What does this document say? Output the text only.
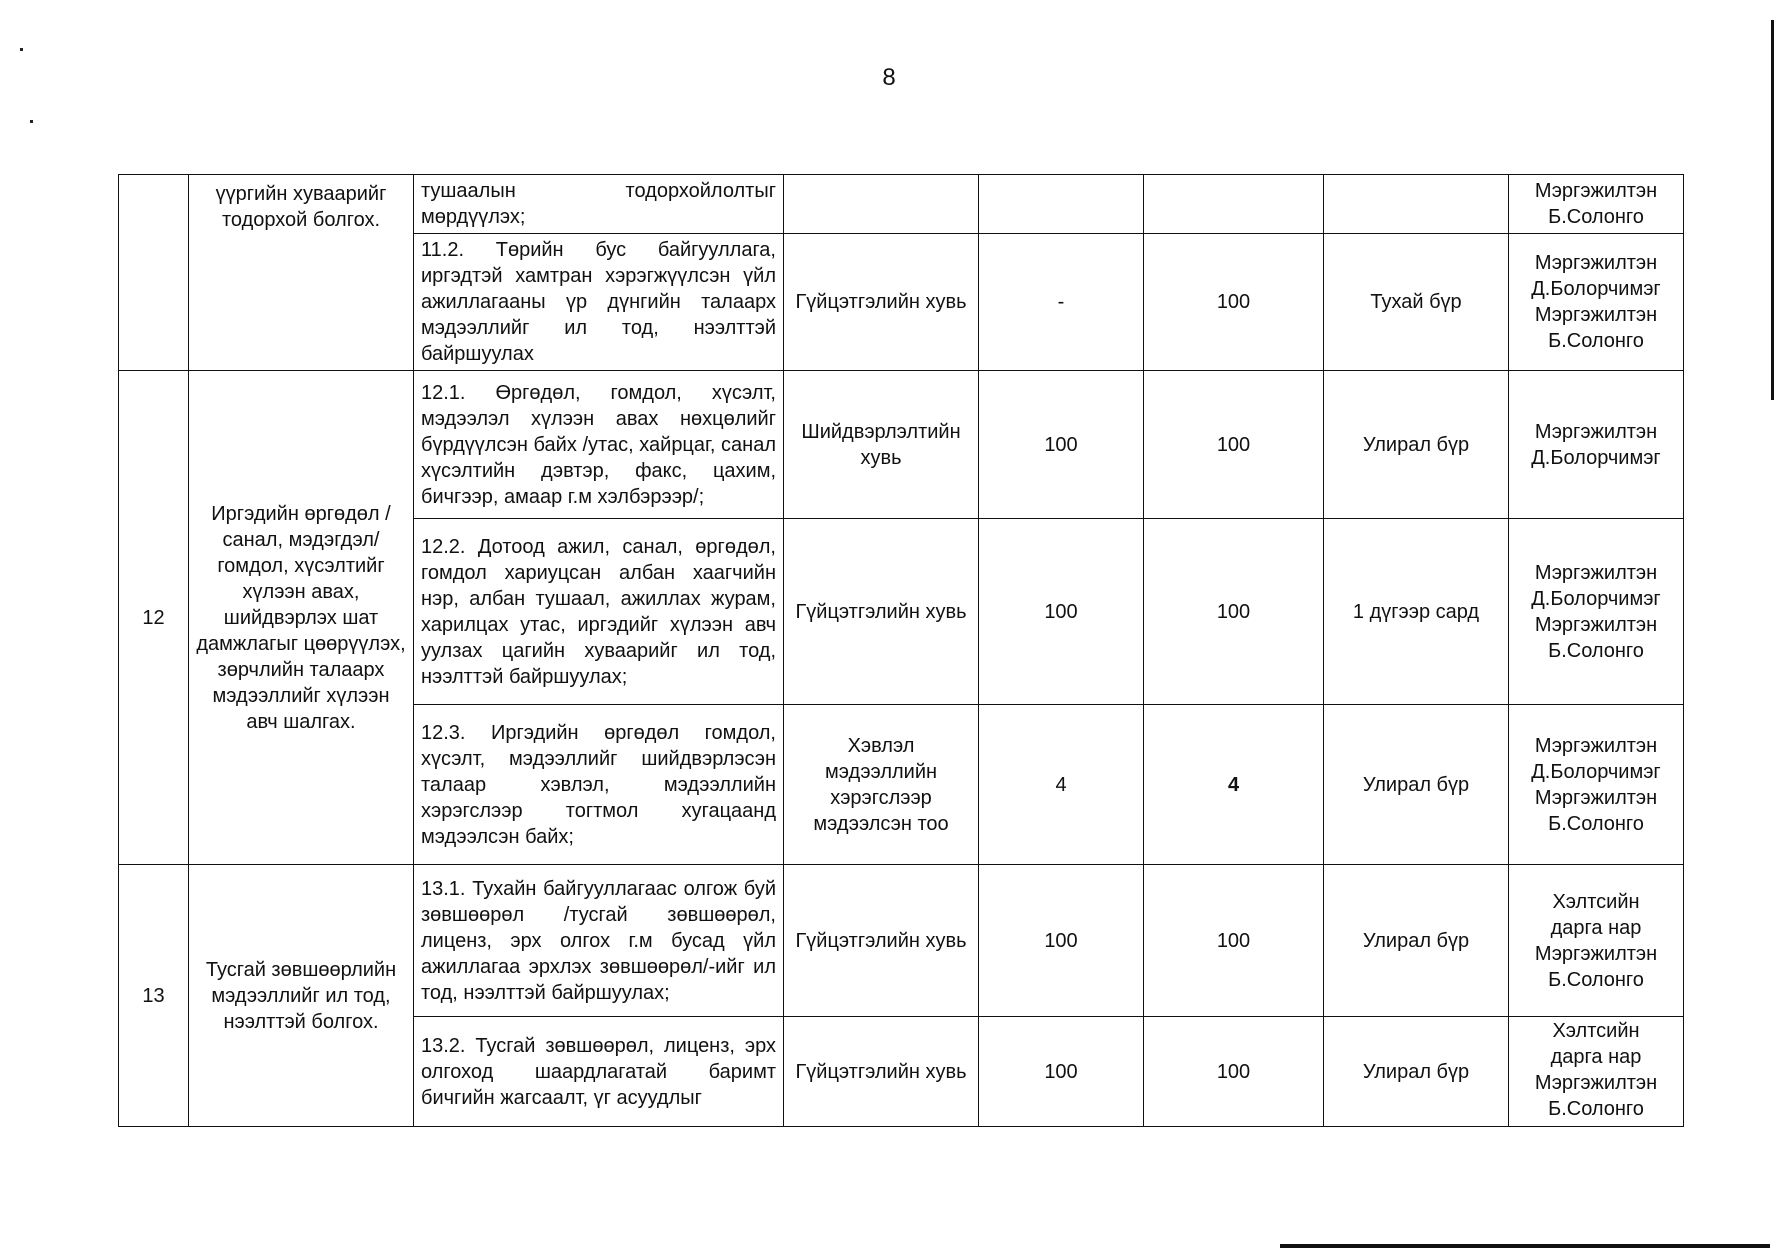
8
	үүргийн хуваарийг тодорхой болгох.	тушаалын тодорхойлолтыг мөрдүүлэх;					Мэргэжилтэн
Б.Солонго

		11.2. Төрийн бус байгууллага, иргэдтэй хамтран хэрэгжүүлсэн үйл ажиллагааны үр дүнгийн талаарх мэдээллийг ил тод, нээлттэй байршуулах	Гүйцэтгэлийн хувь	-	100	Тухай бүр	Мэргэжилтэн
Д.Болорчимэг
Мэргэжилтэн
Б.Солонго

12	Иргэдийн өргөдөл /санал, мэдэгдэл/ гомдол, хүсэлтийг хүлээн авах, шийдвэрлэх шат дамжлагыг цөөрүүлэх, зөрчлийн талаарх мэдээллийг хүлээн авч шалгах.	12.1. Өргөдөл, гомдол, хүсэлт, мэдээлэл хүлээн авах нөхцөлийг бүрдүүлсэн байх /утас, хайрцаг, санал хүсэлтийн дэвтэр, факс, цахим, бичгээр, амаар г.м хэлбэрээр/;	Шийдвэрлэлтийн хувь	100	100	Улирал бүр	Мэргэжилтэн
Д.Болорчимэг

		12.2. Дотоод ажил, санал, өргөдөл, гомдол хариуцсан албан хаагчийн нэр, албан тушаал, ажиллах журам, харилцах утас, иргэдийг хүлээн авч уулзах цагийн хуваарийг ил тод, нээлттэй байршуулах;	Гүйцэтгэлийн хувь	100	100	1 дүгээр сард	Мэргэжилтэн
Д.Болорчимэг
Мэргэжилтэн
Б.Солонго

		12.3. Иргэдийн өргөдөл гомдол, хүсэлт, мэдээллийг шийдвэрлэсэн талаар хэвлэл, мэдээллийн хэрэгслээр тогтмол хугацаанд мэдээлсэн байх;	Хэвлэл мэдээллийн хэрэгслээр мэдээлсэн тоо	4	4	Улирал бүр	Мэргэжилтэн
Д.Болорчимэг
Мэргэжилтэн
Б.Солонго

13	Тусгай зөвшөөрлийн мэдээллийг ил тод, нээлттэй болгох.	13.1. Тухайн байгууллагаас олгож буй зөвшөөрөл /тусгай зөвшөөрөл, лиценз, эрх олгох г.м бусад үйл ажиллагаа эрхлэх зөвшөөрөл/-ийг ил тод, нээлттэй байршуулах;	Гүйцэтгэлийн хувь	100	100	Улирал бүр	Хэлтсийн
дарга нар
Мэргэжилтэн
Б.Солонго

		13.2. Тусгай зөвшөөрөл, лиценз, эрх олгоход шаардлагатай баримт бичгийн жагсаалт, үг асуудлыг	Гүйцэтгэлийн хувь	100	100	Улирал бүр	Хэлтсийн
дарга нар
Мэргэжилтэн
Б.Солонго
